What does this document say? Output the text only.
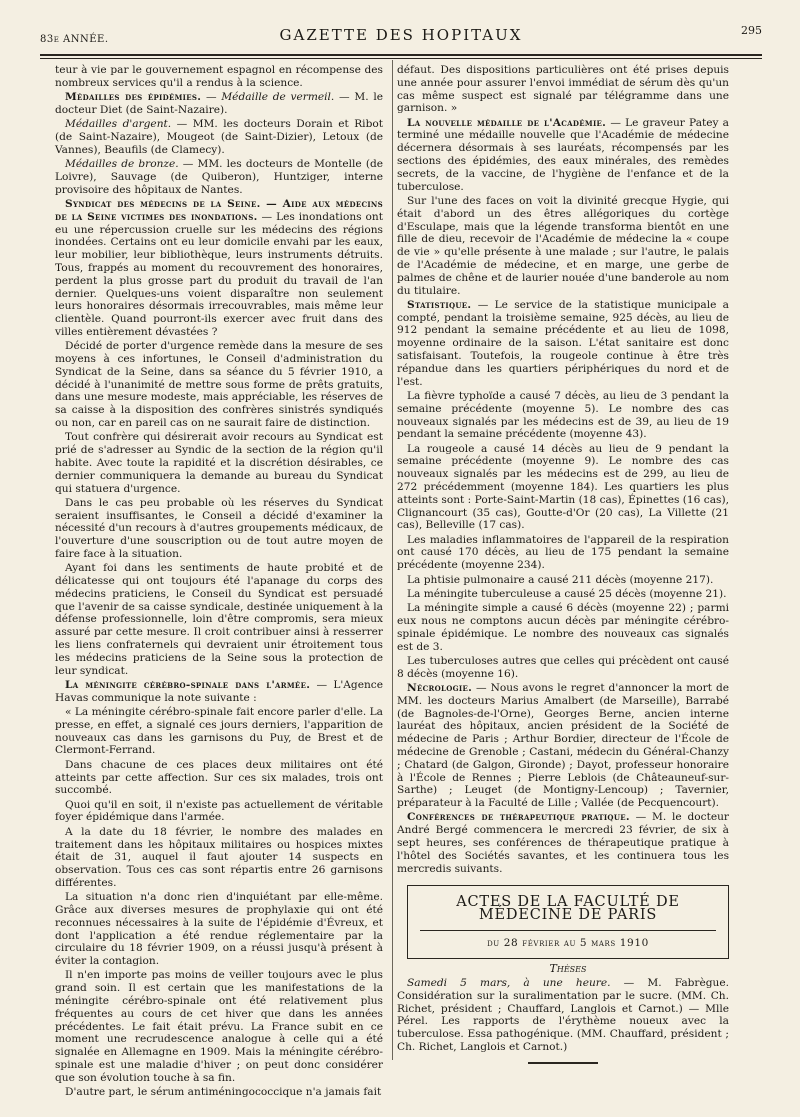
83e ANNÉE.	GAZETTE DES HOPITAUX	295

teur à vie par le gouvernement espagnol en récompense des nombreux services qu'il a rendus à la science.

Médailles des épidémies. — Médaille de vermeil. — M. le docteur Diet (de Saint-Nazaire).

Médailles d'argent. — MM. les docteurs Dorain et Ribot (de Saint-Nazaire), Mougeot (de Saint-Dizier), Letoux (de Vannes), Beaufils (de Clamecy).

Médailles de bronze. — MM. les docteurs de Montelle (de Loivre), Sauvage (de Quiberon), Huntziger, interne provisoire des hôpitaux de Nantes.

Syndicat des médecins de la Seine. — Aide aux médecins de la Seine victimes des inondations. — Les inondations ont eu une répercussion cruelle sur les médecins des régions inondées. Certains ont eu leur domicile envahi par les eaux, leur mobilier, leur bibliothèque, leurs instruments détruits. Tous, frappés au moment du recouvrement des honoraires, perdent la plus grosse part du produit du travail de l'an dernier. Quelques-uns voient disparaître non seulement leurs honoraires désormais irrecouvrables, mais même leur clientèle. Quand pourront-ils exercer avec fruit dans des villes entièrement dévastées ?

Décidé de porter d'urgence remède dans la mesure de ses moyens à ces infortunes, le Conseil d'administration du Syndicat de la Seine, dans sa séance du 5 février 1910, a décidé à l'unanimité de mettre sous forme de prêts gratuits, dans une mesure modeste, mais appréciable, les réserves de sa caisse à la disposition des confrères sinistrés syndiqués ou non, car en pareil cas on ne saurait faire de distinction.

Tout confrère qui désirerait avoir recours au Syndicat est prié de s'adresser au Syndic de la section de la région qu'il habite. Avec toute la rapidité et la discrétion désirables, ce dernier communiquera la demande au bureau du Syndicat qui statuera d'urgence.

Dans le cas peu probable où les réserves du Syndicat seraient insuffisantes, le Conseil a décidé d'examiner la nécessité d'un recours à d'autres groupements médicaux, de l'ouverture d'une souscription ou de tout autre moyen de faire face à la situation.

Ayant foi dans les sentiments de haute probité et de délicatesse qui ont toujours été l'apanage du corps des médecins praticiens, le Conseil du Syndicat est persuadé que l'avenir de sa caisse syndicale, destinée uniquement à la défense professionnelle, loin d'être compromis, sera mieux assuré par cette mesure. Il croit contribuer ainsi à resserrer les liens confraternels qui devraient unir étroitement tous les médecins praticiens de la Seine sous la protection de leur syndicat.

La méningite cérébro-spinale dans l'armée. — L'Agence Havas communique la note suivante :

« La méningite cérébro-spinale fait encore parler d'elle. La presse, en effet, a signalé ces jours derniers, l'apparition de nouveaux cas dans les garnisons du Puy, de Brest et de Clermont-Ferrand.

Dans chacune de ces places deux militaires ont été atteints par cette affection. Sur ces six malades, trois ont succombé.

Quoi qu'il en soit, il n'existe pas actuellement de véritable foyer épidémique dans l'armée.

A la date du 18 février, le nombre des malades en traitement dans les hôpitaux militaires ou hospices mixtes était de 31, auquel il faut ajouter 14 suspects en observation. Tous ces cas sont répartis entre 26 garnisons différentes.

La situation n'a donc rien d'inquiétant par elle-même. Grâce aux diverses mesures de prophylaxie qui ont été reconnues nécessaires à la suite de l'épidémie d'Évreux, et dont l'application a été rendue réglementaire par la circulaire du 18 février 1909, on a réussi jusqu'à présent à éviter la contagion.

Il n'en importe pas moins de veiller toujours avec le plus grand soin. Il est certain que les manifestations de la méningite cérébro-spinale ont été relativement plus fréquentes au cours de cet hiver que dans les années précédentes. Le fait était prévu. La France subit en ce moment une recrudescence analogue à celle qui a été signalée en Allemagne en 1909. Mais la méningite cérébro-spinale est une maladie d'hiver ; on peut donc considérer que son évolution touche à sa fin.

D'autre part, le sérum antiméningococcique n'a jamais fait

défaut. Des dispositions particulières ont été prises depuis une année pour assurer l'envoi immédiat de sérum dès qu'un cas même suspect est signalé par télégramme dans une garnison. »

La nouvelle médaille de l'Académie. — Le graveur Patey a terminé une médaille nouvelle que l'Académie de médecine décernera désormais à ses lauréats, récompensés par les sections des épidémies, des eaux minérales, des remèdes secrets, de la vaccine, de l'hygiène de l'enfance et de la tuberculose.

Sur l'une des faces on voit la divinité grecque Hygie, qui était d'abord un des êtres allégoriques du cortège d'Esculape, mais que la légende transforma bientôt en une fille de dieu, recevoir de l'Académie de médecine la « coupe de vie » qu'elle présente à une malade ; sur l'autre, le palais de l'Académie de médecine, et en marge, une gerbe de palmes de chêne et de laurier nouée d'une banderole au nom du titulaire.

Statistique. — Le service de la statistique municipale a compté, pendant la troisième semaine, 925 décès, au lieu de 912 pendant la semaine précédente et au lieu de 1098, moyenne ordinaire de la saison. L'état sanitaire est donc satisfaisant. Toutefois, la rougeole continue à être très répandue dans les quartiers périphériques du nord et de l'est.

La fièvre typhoïde a causé 7 décès, au lieu de 3 pendant la semaine précédente (moyenne 5). Le nombre des cas nouveaux signalés par les médecins est de 39, au lieu de 19 pendant la semaine précédente (moyenne 43).

La rougeole a causé 14 décès au lieu de 9 pendant la semaine précédente (moyenne 9). Le nombre des cas nouveaux signalés par les médecins est de 299, au lieu de 272 précédemment (moyenne 184). Les quartiers les plus atteints sont : Porte-Saint-Martin (18 cas), Épinettes (16 cas), Clignancourt (35 cas), Goutte-d'Or (20 cas), La Villette (21 cas), Belleville (17 cas).

Les maladies inflammatoires de l'appareil de la respiration ont causé 170 décès, au lieu de 175 pendant la semaine précédente (moyenne 234).

La phtisie pulmonaire a causé 211 décès (moyenne 217).

La méningite tuberculeuse a causé 25 décès (moyenne 21).

La méningite simple a causé 6 décès (moyenne 22) ; parmi eux nous ne comptons aucun décès par méningite cérébro-spinale épidémique. Le nombre des nouveaux cas signalés est de 3.

Les tuberculoses autres que celles qui précèdent ont causé 8 décès (moyenne 16).

Nécrologie. — Nous avons le regret d'annoncer la mort de MM. les docteurs Marius Amalbert (de Marseille), Barrabé (de Bagnoles-de-l'Orne), Georges Berne, ancien interne lauréat des hôpitaux, ancien président de la Société de médecine de Paris ; Arthur Bordier, directeur de l'École de médecine de Grenoble ; Castani, médecin du Général-Chanzy ; Chatard (de Galgon, Gironde) ; Dayot, professeur honoraire à l'École de Rennes ; Pierre Leblois (de Châteauneuf-sur-Sarthe) ; Leuget (de Montigny-Lencoup) ; Tavernier, préparateur à la Faculté de Lille ; Vallée (de Pecquencourt).

Conférences de thérapeutique pratique. — M. le docteur André Bergé commencera le mercredi 23 février, de six à sept heures, ses conférences de thérapeutique pratique à l'hôtel des Sociétés savantes, et les continuera tous les mercredis suivants.

ACTES DE LA FACULTÉ DE MÉDECINE DE PARIS
du 28 février au 5 mars 1910

Thèses

Samedi 5 mars, à une heure. — M. Fabrègue. Considération sur la suralimentation par le sucre. (MM. Ch. Richet, président ; Chauffard, Langlois et Carnot.) — Mlle Pérel. Les rapports de l'érythème noueux avec la tuberculose. Essa pathogénique. (MM. Chauffard, président ; Ch. Richet, Langlois et Carnot.)
